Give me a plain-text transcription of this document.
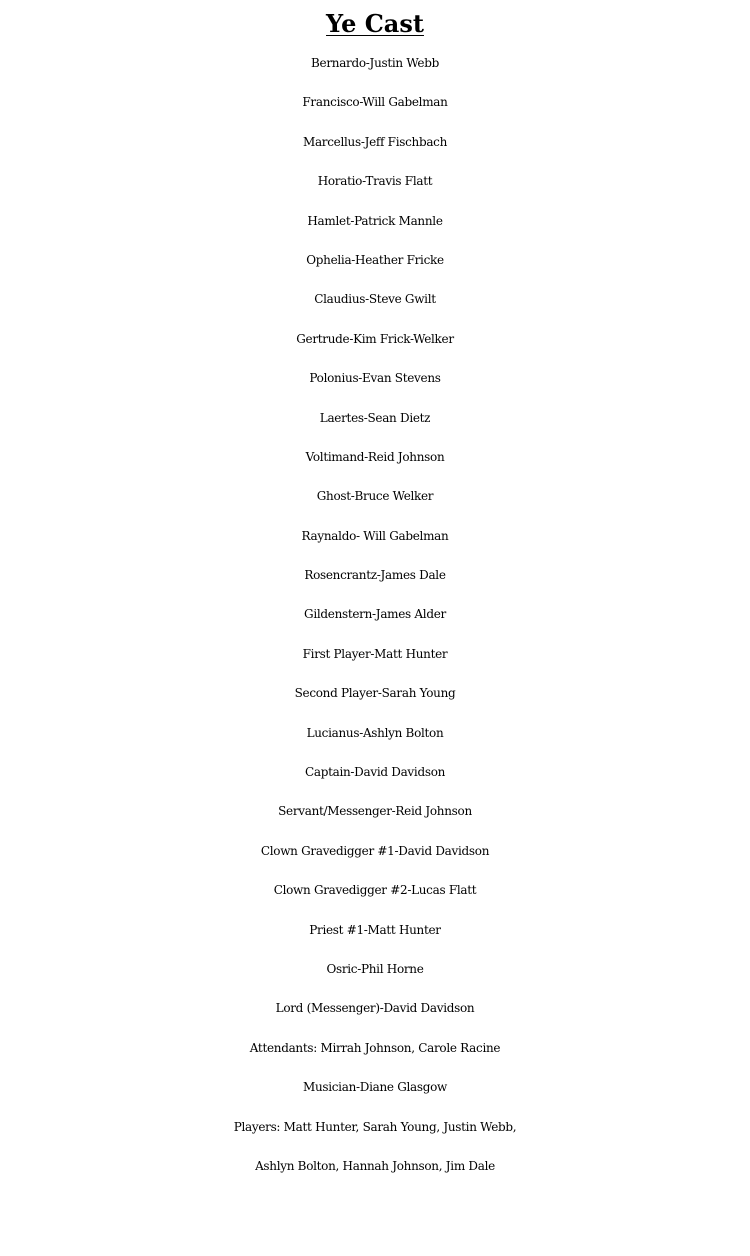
Ye Cast
Bernardo-Justin Webb
Francisco-Will Gabelman
Marcellus-Jeff Fischbach
Horatio-Travis Flatt
Hamlet-Patrick Mannle
Ophelia-Heather Fricke
Claudius-Steve Gwilt
Gertrude-Kim Frick-Welker
Polonius-Evan Stevens
Laertes-Sean Dietz
Voltimand-Reid Johnson
Ghost-Bruce Welker
Raynaldo- Will Gabelman
Rosencrantz-James Dale
Gildenstern-James Alder
First Player-Matt Hunter
Second Player-Sarah Young
Lucianus-Ashlyn Bolton
Captain-David Davidson
Servant/Messenger-Reid Johnson
Clown Gravedigger #1-David Davidson
Clown Gravedigger #2-Lucas Flatt
Priest #1-Matt Hunter
Osric-Phil Horne
Lord (Messenger)-David Davidson
Attendants: Mirrah Johnson, Carole Racine
Musician-Diane Glasgow
Players: Matt Hunter, Sarah Young, Justin Webb,
Ashlyn Bolton, Hannah Johnson, Jim Dale
